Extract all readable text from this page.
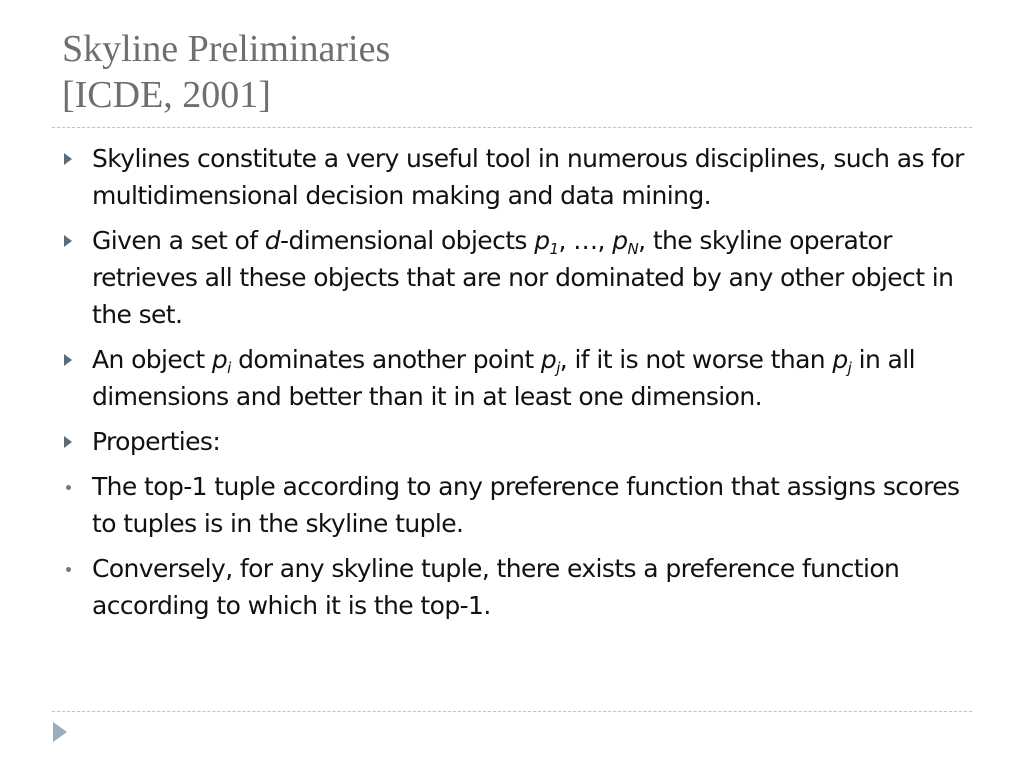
Skyline Preliminaries
[ICDE, 2001]
Skylines constitute a very useful tool in numerous disciplines, such as for multidimensional decision making and data mining.
Given a set of d-dimensional objects $p_1$, …, $p_N$, the skyline operator retrieves all these objects that are nor dominated by any other object in the set.
An object $p_i$ dominates another point $p_j$, if it is not worse than $p_j$ in all dimensions and better than it in at least one dimension.
Properties:
The top-1 tuple according to any preference function that assigns scores to tuples is in the skyline tuple.
Conversely, for any skyline tuple, there exists a preference function according to which it is the top-1.
